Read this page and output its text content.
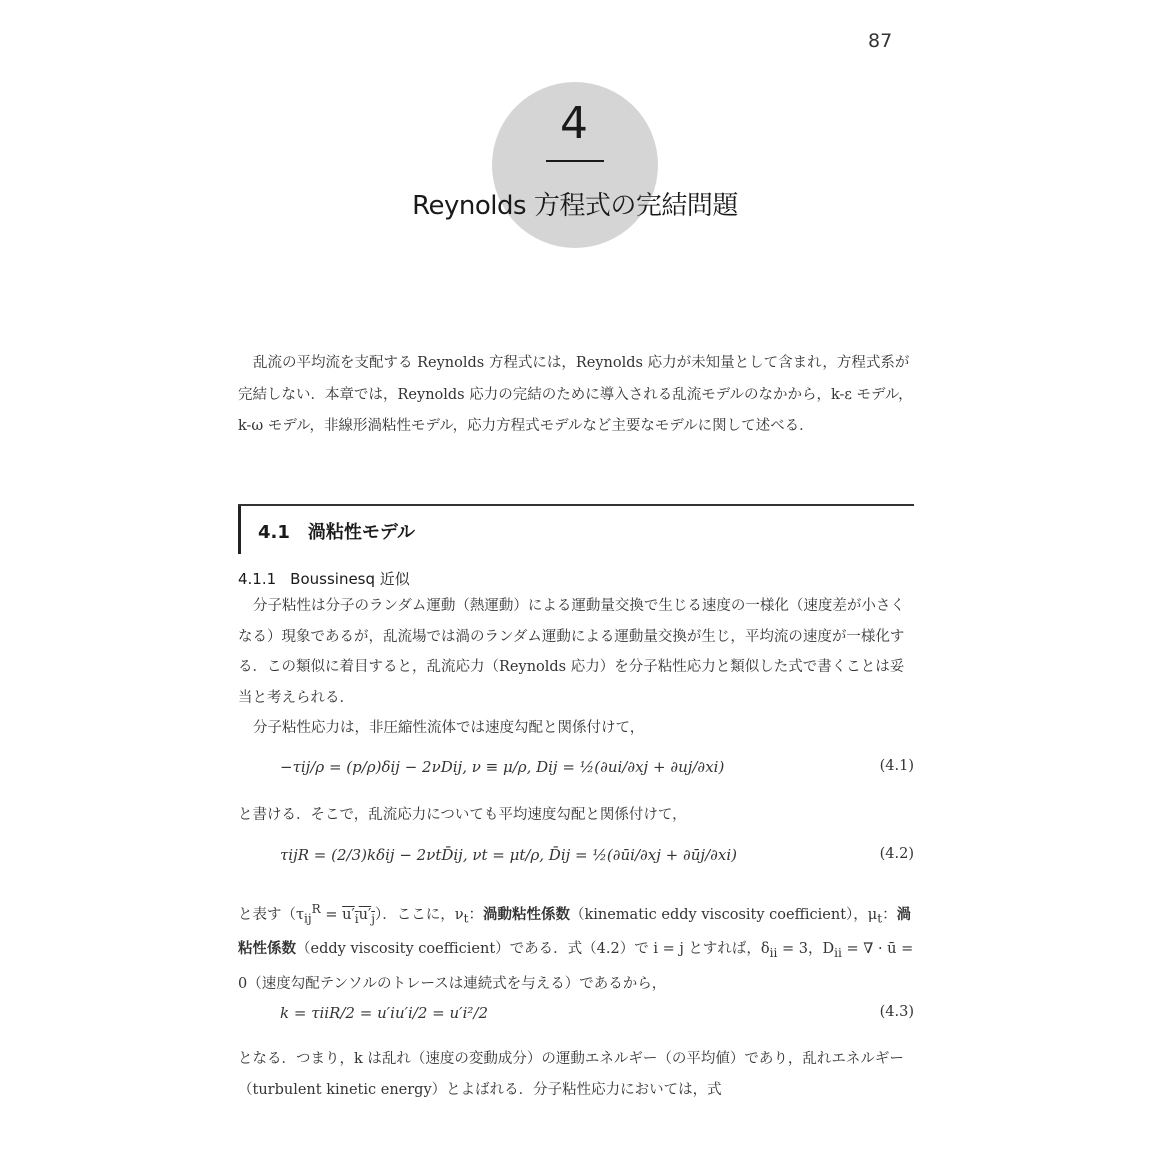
87
4
Reynolds 方程式の完結問題
乱流の平均流を支配する Reynolds 方程式には，Reynolds 応力が未知量として含まれ，方程式系が完結しない．本章では，Reynolds 応力の完結のために導入される乱流モデルのなかから，k-ε モデル，k-ω モデル，非線形渦粘性モデル，応力方程式モデルなど主要なモデルに関して述べる．
4.1 渦粘性モデル
4.1.1 Boussinesq 近似
分子粘性は分子のランダム運動（熱運動）による運動量交換で生じる速度の一様化（速度差が小さくなる）現象であるが，乱流場では渦のランダム運動による運動量交換が生じ，平均流の速度が一様化する．この類似に着目すると，乱流応力（Reynolds 応力）を分子粘性応力と類似した式で書くことは妥当と考えられる．
分子粘性応力は，非圧縮性流体では速度勾配と関係付けて，
−τij/ρ = (p/ρ)δij − 2νDij, ν ≡ μ/ρ, Dij = ½(∂ui/∂xj + ∂uj/∂xi)	(4.1)
と書ける．そこで，乱流応力についても平均速度勾配と関係付けて，
τijR = (2/3)kδij − 2νtD̄ij, νt = μt/ρ, D̄ij = ½(∂ūi/∂xj + ∂ūj/∂xi)	(4.2)
と表す$(\tau_{ij}^R = u'_iu'_j)$．ここに，$\nu_t$：渦動粘性係数（kinematic eddy viscosity coefficient），$\mu_t$：渦粘性係数（eddy viscosity coefficient）である．式（4.2）で i = j とすれば，$\delta_{ii} = 3$，$D_{ii}$ = ∇ · ū = 0（速度勾配テンソルのトレースは連続式を与える）であるから，
k = τiiR/2 = u′iu′i/2 = u′i²/2	(4.3)
となる．つまり，k は乱れ（速度の変動成分）の運動エネルギー（の平均値）であり，乱れエネルギー（turbulent kinetic energy）とよばれる．分子粘性応力においては，式
